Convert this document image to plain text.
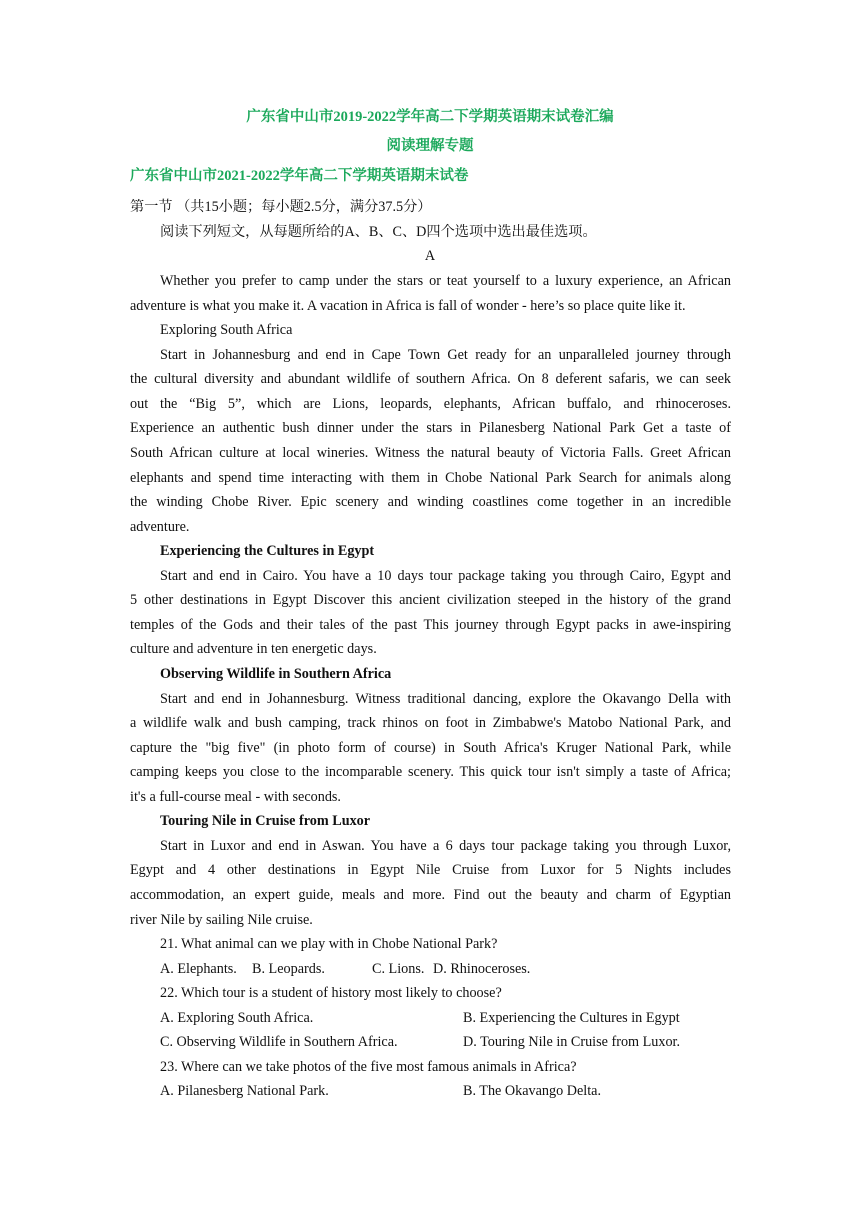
广东省中山市2019-2022学年高二下学期英语期末试卷汇编
阅读理解专题
广东省中山市2021-2022学年高二下学期英语期末试卷
第一节 （共15小题；每小题2.5分，满分37.5分）
阅读下列短文，从每题所给的A、B、C、D四个选项中选出最佳选项。
A
Whether you prefer to camp under the stars or teat yourself to a luxury experience, an African
adventure is what you make it. A vacation in Africa is fall of wonder - here’s so place quite like it.
Exploring South Africa
Start in Johannesburg and end in Cape Town Get ready for an unparalleled journey through
the cultural diversity and abundant wildlife of southern Africa. On 8 deferent safaris, we can seek
out the “Big 5”, which are Lions, leopards, elephants, African buffalo, and rhinoceroses.
Experience an authentic bush dinner under the stars in Pilanesberg National Park Get a taste of
South African culture at local wineries. Witness the natural beauty of Victoria Falls. Greet African
elephants and spend time interacting with them in Chobe National Park Search for animals along
the winding Chobe River. Epic scenery and winding coastlines come together in an incredible
adventure.
Experiencing the Cultures in Egypt
Start and end in Cairo. You have a 10 days tour package taking you through Cairo, Egypt and
5 other destinations in Egypt Discover this ancient civilization steeped in the history of the grand
temples of the Gods and their tales of the past This journey through Egypt packs in awe-inspiring
culture and adventure in ten energetic days.
Observing Wildlife in Southern Africa
Start and end in Johannesburg. Witness traditional dancing, explore the Okavango Della with
a wildlife walk and bush camping, track rhinos on foot in Zimbabwe's Matobo National Park, and
capture the "big five" (in photo form of course) in South Africa's Kruger National Park, while
camping keeps you close to the incomparable scenery. This quick tour isn't simply a taste of Africa;
it's a full-course meal - with seconds.
Touring Nile in Cruise from Luxor
Start in Luxor and end in Aswan. You have a 6 days tour package taking you through Luxor,
Egypt and 4 other destinations in Egypt Nile Cruise from Luxor for 5 Nights includes
accommodation, an expert guide, meals and more. Find out the beauty and charm of Egyptian
river Nile by sailing Nile cruise.
21. What animal can we play with in Chobe National Park?
A. Elephants. B. Leopards.	C. Lions. D. Rhinoceroses.
22. Which tour is a student of history most likely to choose?
A. Exploring South Africa.	B. Experiencing the Cultures in Egypt
C. Observing Wildlife in Southern Africa.	D. Touring Nile in Cruise from Luxor.
23. Where can we take photos of the five most famous animals in Africa?
A. Pilanesberg National Park.	B. The Okavango Delta.
